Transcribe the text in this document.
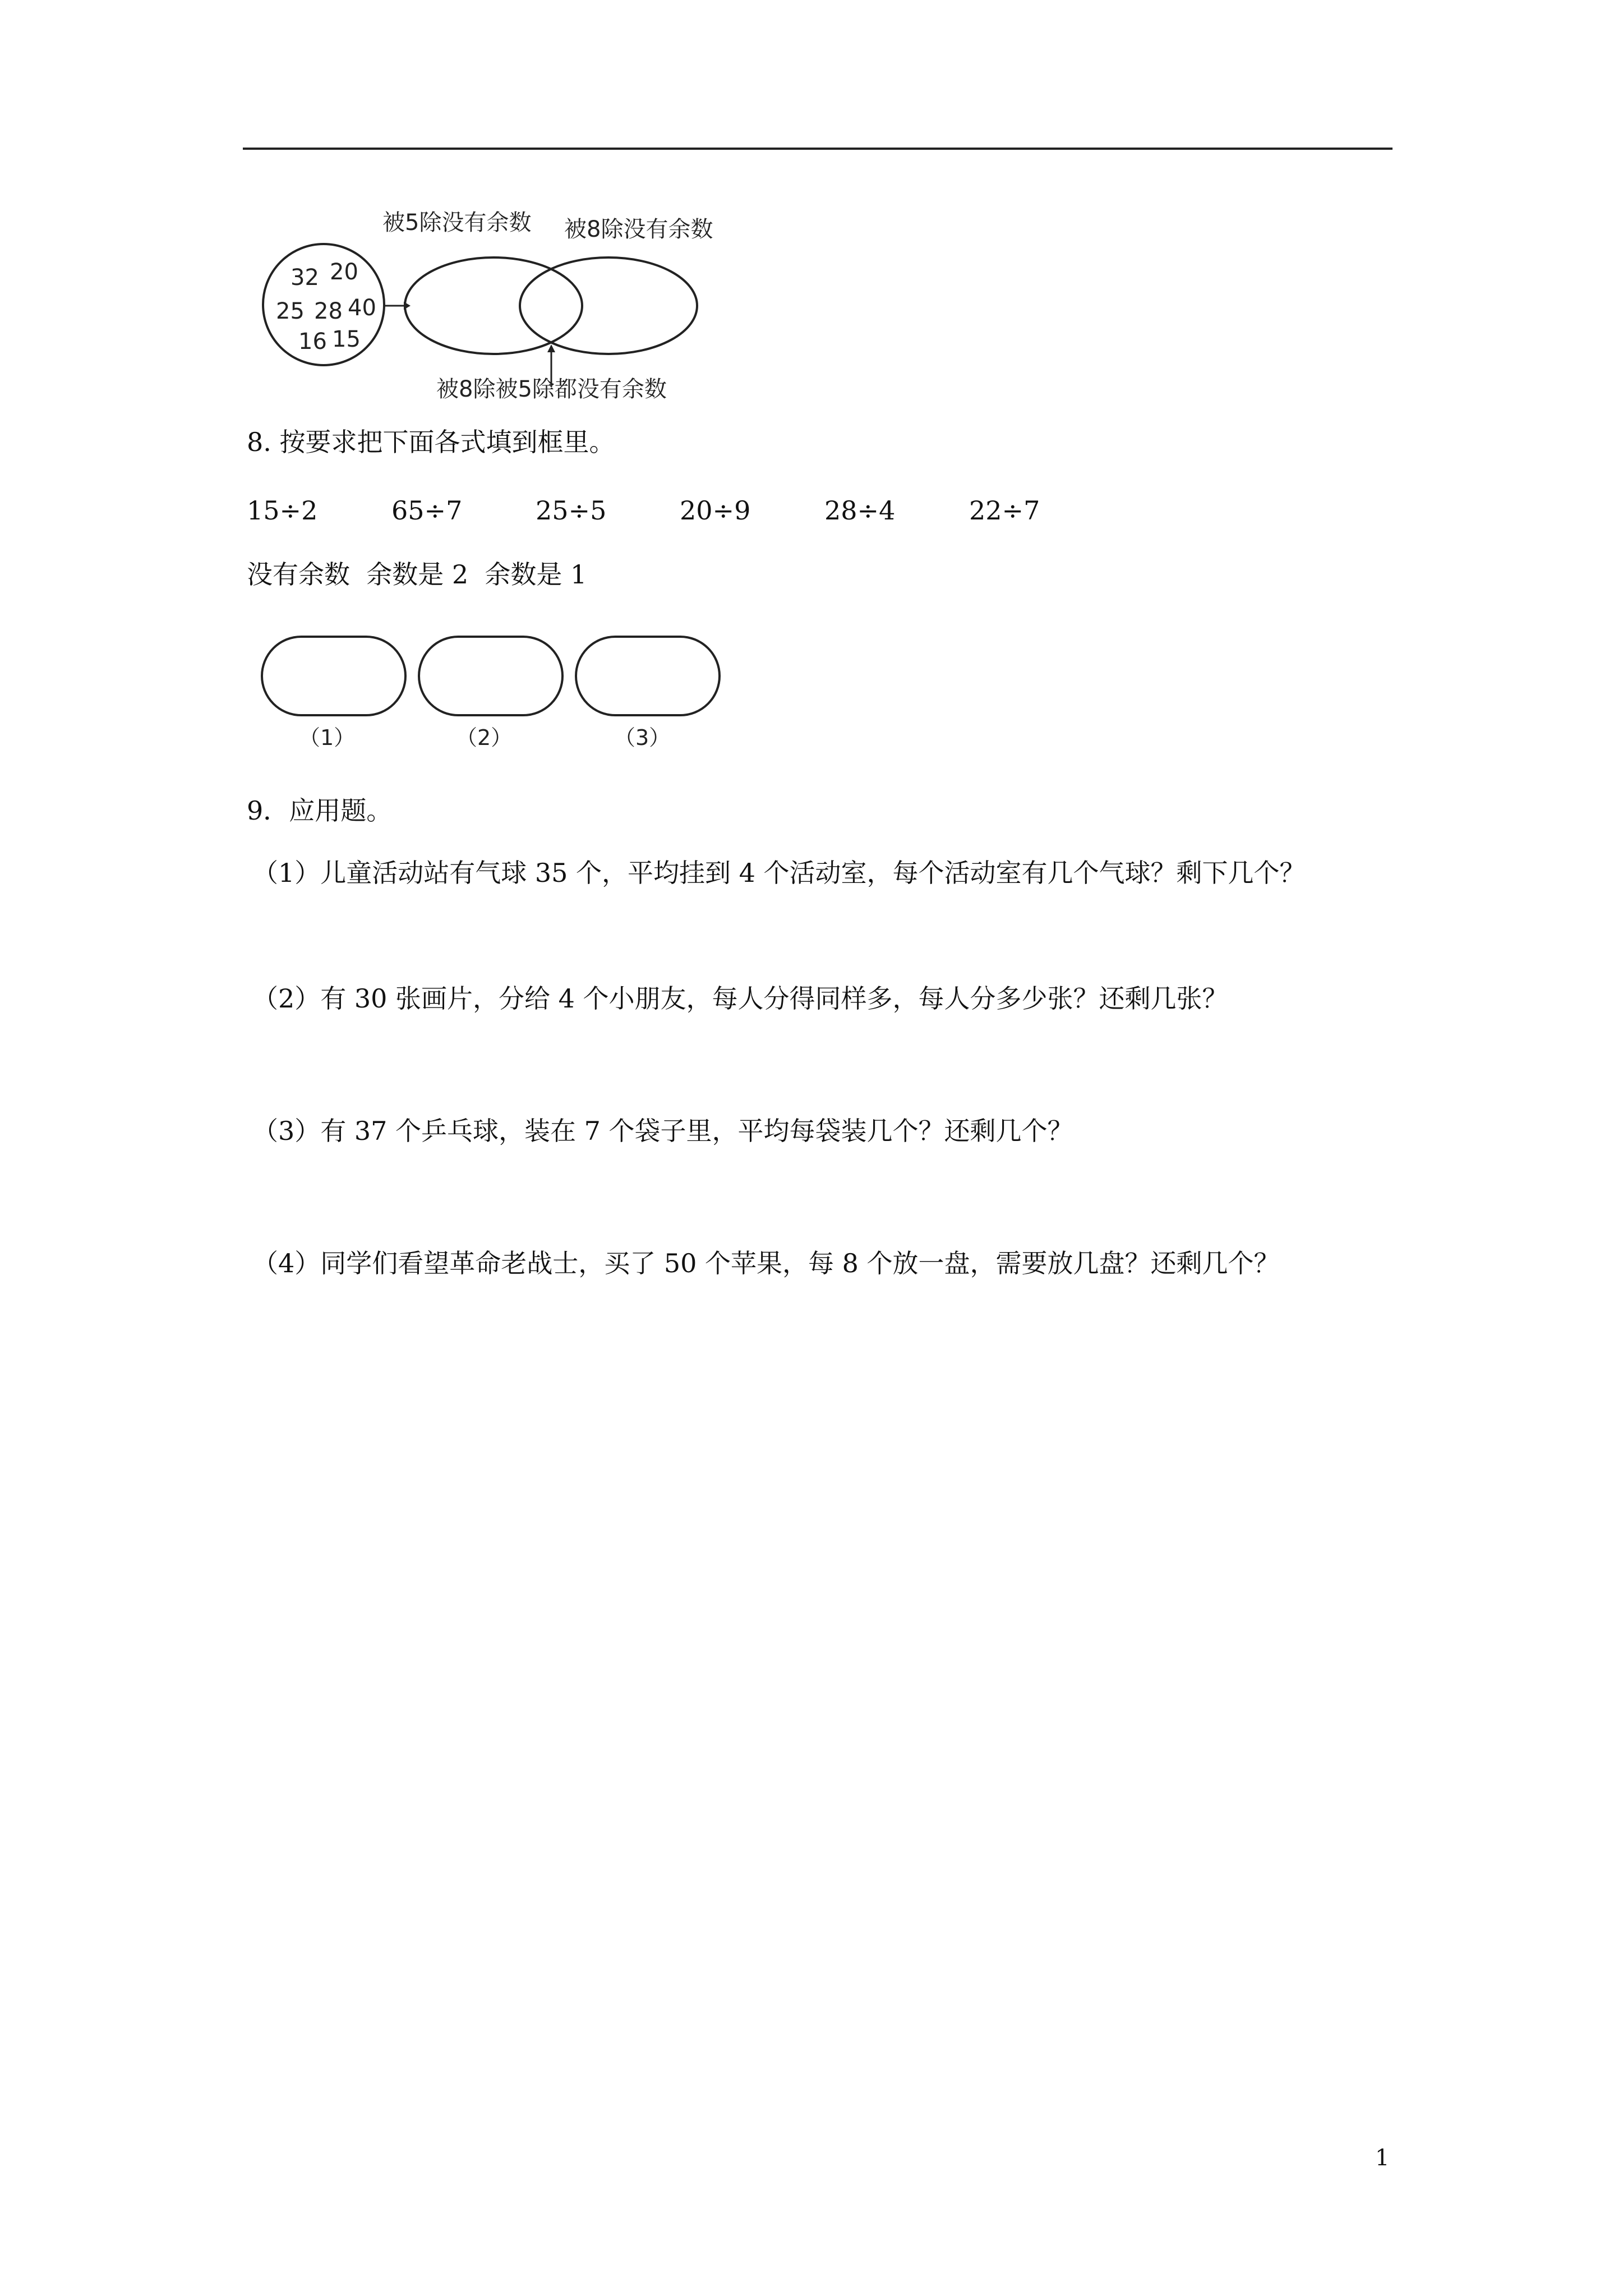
32 20
25 28 40
16 15
被5除没有余数 被8除没有余数
被8除被5除都没有余数
8. 按要求把下面各式填到框里。
15÷2	65÷7	25÷5	20÷9	28÷4	22÷7
没有余数  余数是 2  余数是 1
（1）	（2）	（3）
9．应用题。
（1）儿童活动站有气球 35 个，平均挂到 4 个活动室，每个活动室有几个气球？剩下几个？
（2）有 30 张画片，分给 4 个小朋友，每人分得同样多，每人分多少张？还剩几张？
（3）有 37 个乒乓球，装在 7 个袋子里，平均每袋装几个？还剩几个？
（4）同学们看望革命老战士，买了 50 个苹果，每 8 个放一盘，需要放几盘？还剩几个？
1
